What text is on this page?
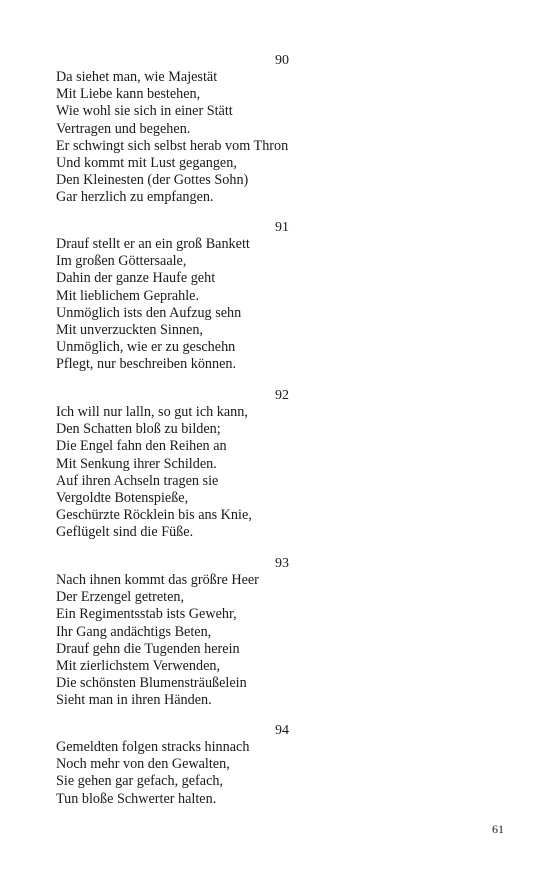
90
Da siehet man, wie Majestät
Mit Liebe kann bestehen,
Wie wohl sie sich in einer Stätt
Vertragen und begehen.
Er schwingt sich selbst herab vom Thron
Und kommt mit Lust gegangen,
Den Kleinesten (der Gottes Sohn)
Gar herzlich zu empfangen.
91
Drauf stellt er an ein groß Bankett
Im großen Göttersaale,
Dahin der ganze Haufe geht
Mit lieblichem Geprahle.
Unmöglich ists den Aufzug sehn
Mit unverzuckten Sinnen,
Unmöglich, wie er zu geschehn
Pflegt, nur beschreiben können.
92
Ich will nur lalln, so gut ich kann,
Den Schatten bloß zu bilden;
Die Engel fahn den Reihen an
Mit Senkung ihrer Schilden.
Auf ihren Achseln tragen sie
Vergoldte Botenspieße,
Geschürzte Röcklein bis ans Knie,
Geflügelt sind die Füße.
93
Nach ihnen kommt das größre Heer
Der Erzengel getreten,
Ein Regimentsstab ists Gewehr,
Ihr Gang andächtigs Beten,
Drauf gehn die Tugenden herein
Mit zierlichstem Verwenden,
Die schönsten Blumensträußelein
Sieht man in ihren Händen.
94
Gemeldten folgen stracks hinnach
Noch mehr von den Gewalten,
Sie gehen gar gefach, gefach,
Tun bloße Schwerter halten.
61
